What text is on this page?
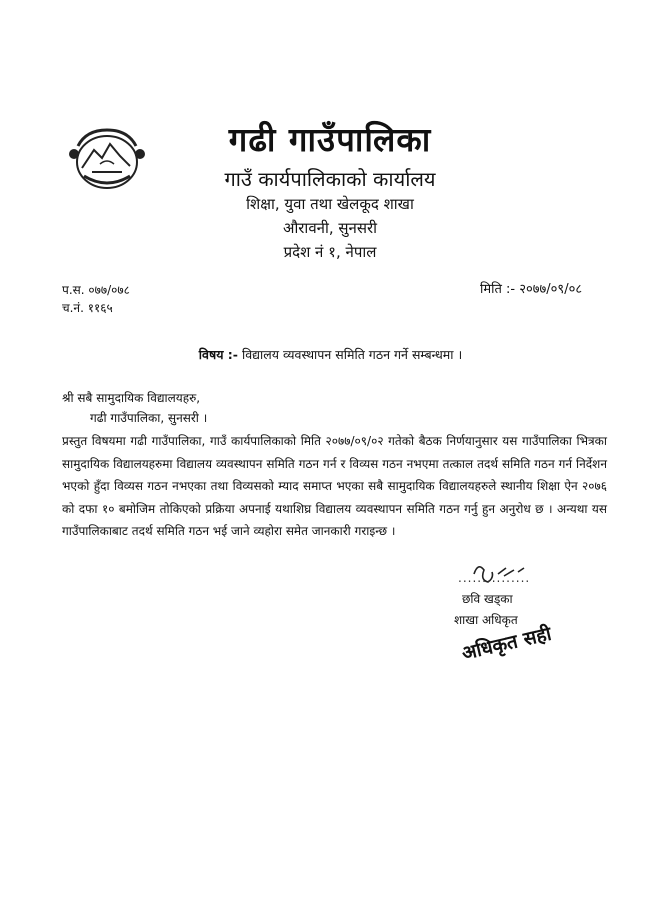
गढी गाउँपालिका
गाउँ कार्यपालिकाको कार्यालय
शिक्षा, युवा तथा खेलकूद शाखा
औरावनी, सुनसरी
प्रदेश नं १, नेपाल
प.स. ०७७/०७८
च.नं. ११६५
मिति :- २०७७/०९/०८
विषय :- विद्यालय व्यवस्थापन समिति गठन गर्ने सम्बन्धमा ।
श्री सबै सामुदायिक विद्यालयहरु,
गढी गाउँपालिका, सुनसरी ।
प्रस्तुत विषयमा गढी गाउँपालिका, गाउँ कार्यपालिकाको मिति २०७७/०९/०२ गतेको बैठक निर्णयानुसार यस गाउँपालिका भित्रका सामुदायिक विद्यालयहरुमा विद्यालय व्यवस्थापन समिति गठन गर्न र विव्यस गठन नभएमा तत्काल तदर्थ समिति गठन गर्न निर्देशन भएको हुँदा विव्यस गठन नभएका तथा विव्यसको म्याद समाप्त भएका सबै सामुदायिक विद्यालयहरुले स्थानीय शिक्षा ऐन २०७६ को दफा १० बमोजिम तोकिएको प्रक्रिया अपनाई यथाशिघ्र विद्यालय व्यवस्थापन समिति गठन गर्नु हुन अनुरोध छ । अन्यथा यस गाउँपालिकाबाट तदर्थ समिति गठन भई जाने व्यहोरा समेत जानकारी गराइन्छ ।
...............
छवि खड्का
शाखा अधिकृत
अधिकृत सही
